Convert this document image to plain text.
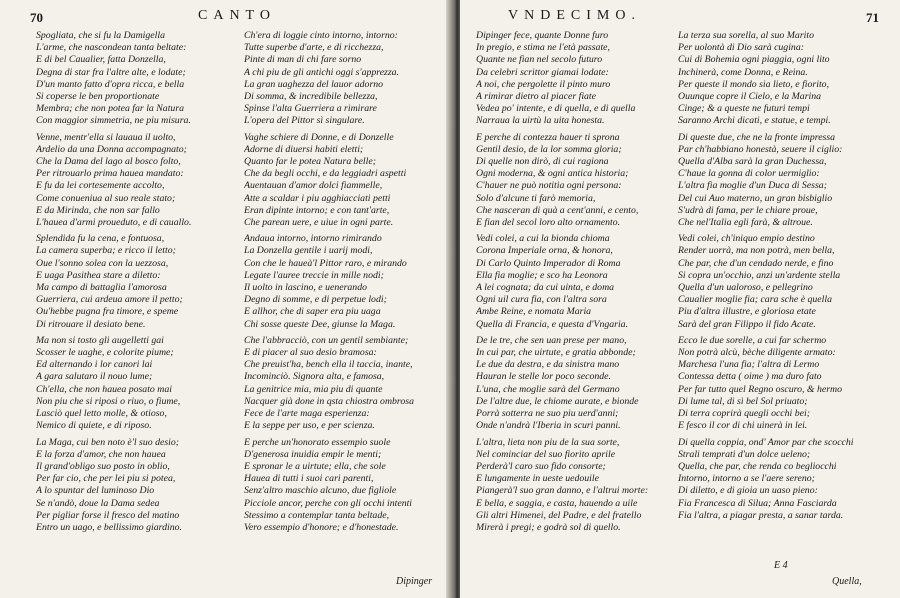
70	CANTO
Spogliata, che si fu la Damigella
L'arme, che nascondean tanta beltate:
E di bel Caualier, fatta Donzella,
Degna di star fra l'altre alte, e lodate;
D'un manto fatto d'opra ricca, e bella
Si coperse le ben proportionate
Membra; che non potea far la Natura
Con maggior simmetria, ne piu misura.
Venne, mentr'ella si lauaua il uolto,
Ardelio da una Donna accompagnato;
Che la Dama del lago al bosco folto,
Per ritrouarlo prima hauea mandato:
E fu da lei cortesemente accolto,
Come conueniua al suo reale stato;
E da Mirinda, che non sar fallo
L'hauea d'armi proueduto, e di cauallo.
Splendida fu la cena, e fontuosa,
La camera superba; e ricco il letto;
Oue l'sonno solea con la uezzosa,
E uaga Pasithea stare a diletto:
Ma campo di battaglia l'amorosa
Guerriera, cui ardeua amore il petto;
Ou'hebbe pugna fra timore, e speme
Di ritrouare il desiato bene.
Ma non si tosto gli augelletti gai
Scosser le uaghe, e colorite piume;
Ed alternando i lor canori lai
A gara salutaro il nouo lume;
Ch'ella, che non hauea posato mai
Non piu che si riposi o riuo, o fiume,
Lasciò quel letto molle, & otioso,
Nemico di quiete, e di riposo.
La Maga, cui ben noto è'l suo desio;
E la forza d'amor, che non hauea
Il grand'obligo suo posto in oblio,
Per far cio, che per lei piu si potea,
A lo spuntar del luminoso Dio
Se n'andò, doue la Dama sedea
Per pigliar forse il fresco del matino
Entro un uago, e bellissimo giardino.
Ch'era di loggie cinto intorno, intorno:
Tutte superbe d'arte, e di ricchezza,
Pinte di man di chi fare sorno
A chi piu de gli antichi oggi s'apprezza.
La gran uaghezza del lauor adorno
Di somma, & incredibile bellezza,
Spinse l'alta Guerriera a rimirare
L'opera del Pittor sì singulare.
Vaghe schiere di Donne, e di Donzelle
Adorne di diuersi habiti eletti;
Quanto far le potea Natura belle;
Che da begli occhi, e da leggiadri aspetti
Auentauan d'amor dolci fiammelle,
Atte a scaldar i piu agghiacciati petti
Eran dipinte intorno; e con tant'arte,
Che parean uere, e uiue in ogni parte.
Andaua intorno, intorno rimirando
La Donzella gentile i uarij modi,
Con che le haueà'l Pittor raro, e mirando
Legate l'auree treccie in mille nodi;
Il uolto in lascino, e uenerando
Degno di somme, e di perpetue lodi;
E allhor, che di saper era piu uaga
Chi sosse queste Dee, giunse la Maga.
Che l'abbracciò, con un gentil sembiante;
E di piacer al suo desio bramosa:
Che preuist'ha, bench ella il taccia, inante,
Incominciò. Signora alta, e famosa,
La genitrice mia, mia piu di quante
Nacquer già done in qsta chiostra ombrosa
Fece de l'arte maga esperienza:
E la seppe per uso, e per scienza.
E perche un'honorato essempio suole
D'generosa inuidia empir le menti;
E spronar le a uirtute; ella, che sole
Hauea di tutti i suoi cari parenti,
Senz'altro maschio alcuno, due figliole
Picciole ancor, perche con gli occhi intenti
Stessimo a contemplar tanta beltade,
Vero essempio d'honore; e d'honestade.
Dipinger
VNDECIMO.	71
Dipinger fece, quante Donne furo
In pregio, e stima ne l'età passate,
Quante ne fian nel secolo futuro
Da celebri scrittor giamai lodate:
A noi, che pergolette il pinto muro
A rimirar dietro al piacer fiate
Vedea po' intente, e di quella, e di quella
Narraua la uirtù la uita honesta.
E perche di contezza hauer ti sprona
Gentil desio, de la lor somma gloria;
Di quelle non dirò, di cui ragiona
Ogni moderna, & ogni antica historia;
C'hauer ne può notitia ogni persona:
Solo d'alcune ti farò memoria,
Che nasceran di quà a cent'anni, e cento,
E fian del secol loro alto ornamento.
Vedi colei, a cui la bionda chioma
Corona Imperiale orna, & honora,
Di Carlo Quinto Imperador di Roma
Ella fia moglie; e sco ha Leonora
A lei cognata; da cui uinta, e doma
Ogni uil cura fia, con l'altra sora
Ambe Reine, e nomata Maria
Quella di Francia, e questa d'Vngaria.
De le tre, che sen uan prese per mano,
In cui par, che uirtute, e gratia abbonde;
Le due da destra, e da sinistra mano
Hauran le stelle lor poco seconde.
L'una, che moglie sarà del Germano
De l'altre due, le chiome aurate, e bionde
Porrà sotterra ne suo piu uerd'anni;
Onde n'andrà l'Iberia in scuri panni.
L'altra, lieta non piu de la sua sorte,
Nel cominciar del suo fiorito aprile
Perderà'l caro suo fido consorte;
E lungamente in ueste uedouile
Piangerà'l suo gran danno, e l'altrui morte:
E bella, e saggia, e casta, hauendo a uile
Gli altri Himenei, del Padre, e del fratello
Mirerà i pregi; e godrà sol di quello.
La terza sua sorella, al suo Marito
Per uolontà di Dio sarà cugina:
Cui di Bohemia ogni piaggia, ogni lito
Inchinerà, come Donna, e Reina.
Per queste il mondo sia lieto, e fiorito,
Ouunque copre il Cielo, e la Marina
Cinge; & a queste ne futuri tempi
Saranno Archi dicati, e statue, e tempi.
Di queste due, che ne la fronte impressa
Par ch'habbiano honestà, seuere il ciglio:
Quella d'Alba sarà la gran Duchessa,
C'haue la gonna di color uermiglio:
L'altra fia moglie d'un Duca di Sessa;
Del cui Auo materno, un gran bisbiglio
S'udrà di fama, per le chiare proue,
Che nel'Italia egli farà, & altroue.
Vedi colei, ch'iniquo empio destino
Render uorrà, ma non potrà, men bella,
Che par, che d'un cendado nerde, e fino
Si copra un'occhio, anzi un'ardente stella
Quella d'un ualoroso, e pellegrino
Caualier moglie fia; cara sche è quella
Piu d'altra illustre, e gloriosa etate
Sarà del gran Filippo il fido Acate.
Ecco le due sorelle, a cui far schermo
Non potrà alcù, bèche diligente armato:
Marchesa l'una fia; l'altra di Lermo
Contessa detta ( oime ) ma duro fato
Per far tutto quel Regno oscuro, & hermo
Di lume tal, di sì bel Sol priuato;
Di terra coprirà quegli occhi bei;
E fesco il cor di chi uinerà in lei.
Di quella coppia, ond' Amor par che scocchi
Strali temprati d'un dolce ueleno;
Quella, che par, che renda co begliocchi
Intorno, intorno a se l'aere sereno;
Di diletto, e di gioia un uaso pieno:
Fia Francesca di Silua; Anna Fasciarda
Fia l'altra, a piagar presta, a sanar tarda.
E 4
Quella,
